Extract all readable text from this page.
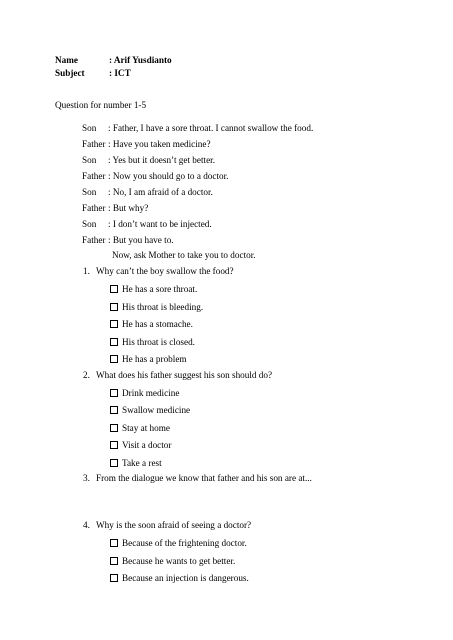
Name	: Arif Yusdianto
Subject	: ICT
Question for number 1-5
Son : Father, I have a sore throat. I cannot swallow the food.
Father : Have you taken medicine?
Son : Yes but it doesn’t get better.
Father : Now you should go to a doctor.
Son : No, I am afraid of a doctor.
Father : But why?
Son : I don’t want to be injected.
Father : But you have to.
Now, ask Mother to take you to doctor.
1. Why can’t the boy swallow the food?
He has a sore throat.
His throat is bleeding.
He has a stomache.
His throat is closed.
He has a problem
2. What does his father suggest his son should do?
Drink medicine
Swallow medicine
Stay at home
Visit a doctor
Take a rest
3. From the dialogue we know that father and his son are at...
4. Why is the soon afraid of seeing a doctor?
Because of the frightening doctor.
Because he wants to get better.
Because an injection is dangerous.
